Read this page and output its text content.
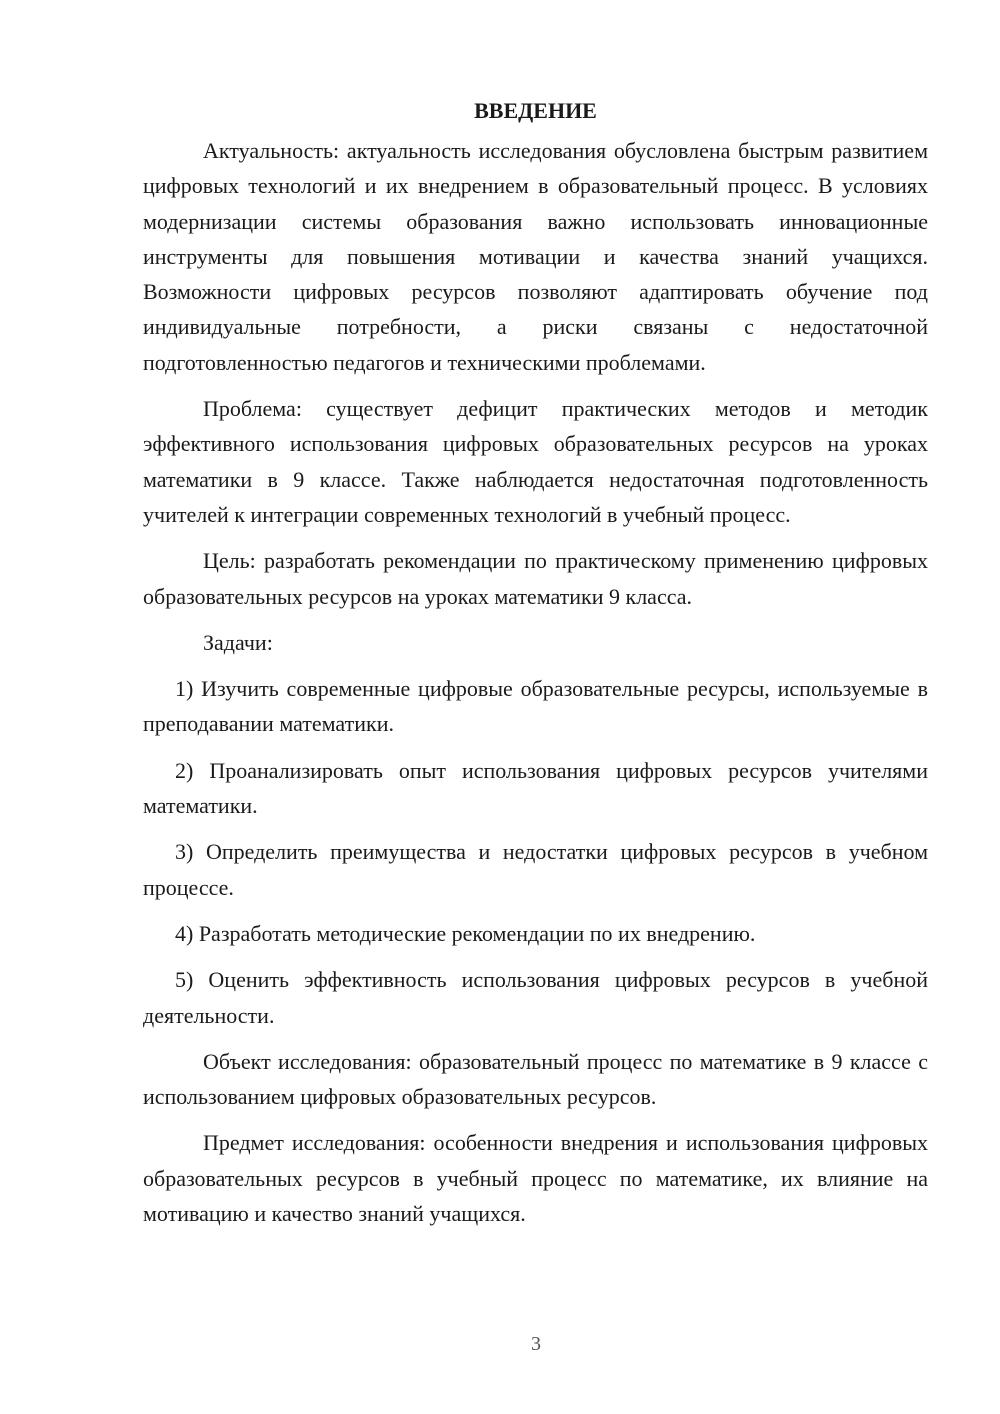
ВВЕДЕНИЕ

Актуальность: актуальность исследования обусловлена быстрым развитием цифровых технологий и их внедрением в образовательный процесс. В условиях модернизации системы образования важно использовать инновационные инструменты для повышения мотивации и качества знаний учащихся. Возможности цифровых ресурсов позволяют адаптировать обучение под индивидуальные потребности, а риски связаны с недостаточной подготовленностью педагогов и техническими проблемами.

Проблема: существует дефицит практических методов и методик эффективного использования цифровых образовательных ресурсов на уроках математики в 9 классе. Также наблюдается недостаточная подготовленность учителей к интеграции современных технологий в учебный процесс.

Цель: разработать рекомендации по практическому применению цифровых образовательных ресурсов на уроках математики 9 класса.

Задачи:

1) Изучить современные цифровые образовательные ресурсы, используемые в преподавании математики.

2) Проанализировать опыт использования цифровых ресурсов учителями математики.

3) Определить преимущества и недостатки цифровых ресурсов в учебном процессе.

4) Разработать методические рекомендации по их внедрению.

5) Оценить эффективность использования цифровых ресурсов в учебной деятельности.

Объект исследования: образовательный процесс по математике в 9 классе с использованием цифровых образовательных ресурсов.

Предмет исследования: особенности внедрения и использования цифровых образовательных ресурсов в учебный процесс по математике, их влияние на мотивацию и качество знаний учащихся.

3
